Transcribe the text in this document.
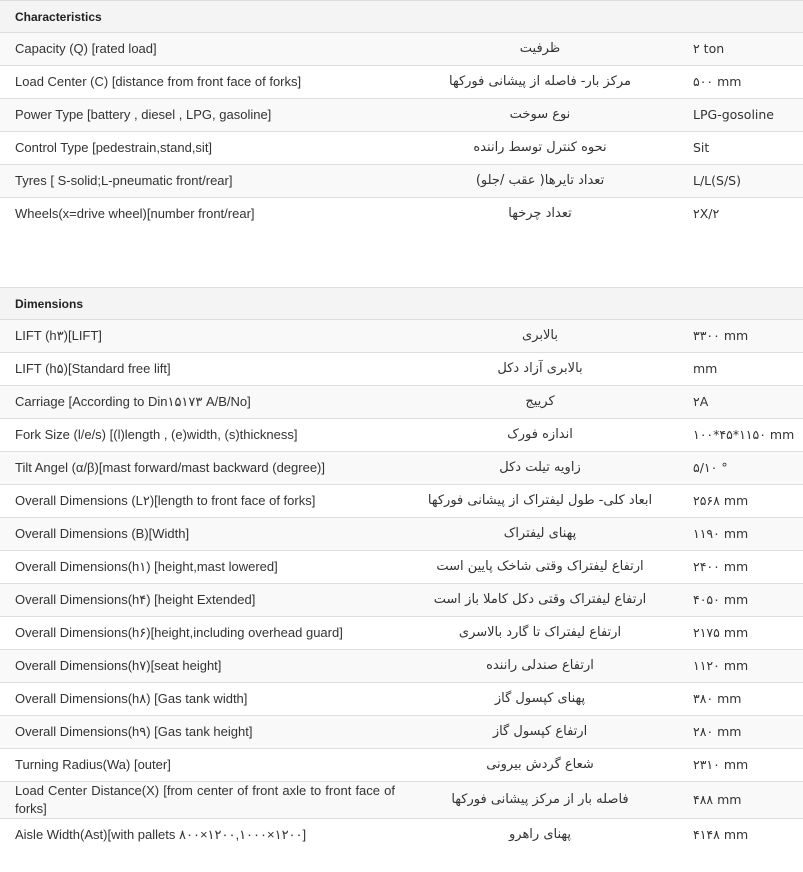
Characteristics
Capacity (Q) [rated load]	ظرفیت	۲ ton
Load Center (C) [distance from front face of forks]	مرکز بار- فاصله از پیشانی فورکها	۵۰۰ mm
Power Type [battery , diesel , LPG, gasoline]	نوع سوخت	LPG-gosoline
Control Type [pedestrain,stand,sit]	نحوه کنترل توسط راننده	Sit
Tyres [ S-solid;L-pneumatic front/rear]	تعداد تایرها( عقب /جلو)	L/L(S/S)
Wheels(x=drive wheel)[number front/rear]	تعداد چرخها	۲X/۲
Dimensions
LIFT (h۳)[LIFT]	بالابری	۳۳۰۰ mm
LIFT (h۵)[Standard free lift]	بالابری آزاد دکل	mm
Carriage [According to Din۱۵۱۷۳ A/B/No]	کرییج	۲A
Fork Size (l/e/s) [(l)length , (e)width, (s)thickness]	اندازه فورک	۱۰۰*۴۵*۱۱۵۰ mm
Tilt Angel (α/β)[mast forward/mast backward (degree)]	زاویه تیلت دکل	۵/۱۰ °
Overall Dimensions (L۲)[length to front face of forks]	ابعاد کلی- طول لیفتراک از پیشانی فورکها	۲۵۶۸ mm
Overall Dimensions (B)[Width]	پهنای لیفتراک	۱۱۹۰ mm
Overall Dimensions(h۱) [height,mast lowered]	ارتفاع لیفتراک وقتی شاخک پایین است	۲۴۰۰ mm
Overall Dimensions(h۴) [height Extended]	ارتفاع لیفتراک وقتی دکل کاملا باز است	۴۰۵۰ mm
Overall Dimensions(h۶)[height,including overhead guard]	ارتفاع لیفتراک تا گارد بالاسری	۲۱۷۵ mm
Overall Dimensions(h۷)[seat height]	ارتفاع صندلی راننده	۱۱۲۰ mm
Overall Dimensions(h۸) [Gas tank width]	پهنای کپسول گاز	۳۸۰ mm
Overall Dimensions(h۹) [Gas tank height]	ارتفاع کپسول گاز	۲۸۰ mm
Turning Radius(Wa) [outer]	شعاع گردش بیرونی	۲۳۱۰ mm
Load Center Distance(X) [from center of front axle to front face of forks]	فاصله بار از مرکز پیشانی فورکها	۴۸۸ mm
Aisle Width(Ast)[with pallets ۸۰۰×۱۲۰۰,۱۰۰۰×۱۲۰۰]	پهنای راهرو	۴۱۴۸ mm
